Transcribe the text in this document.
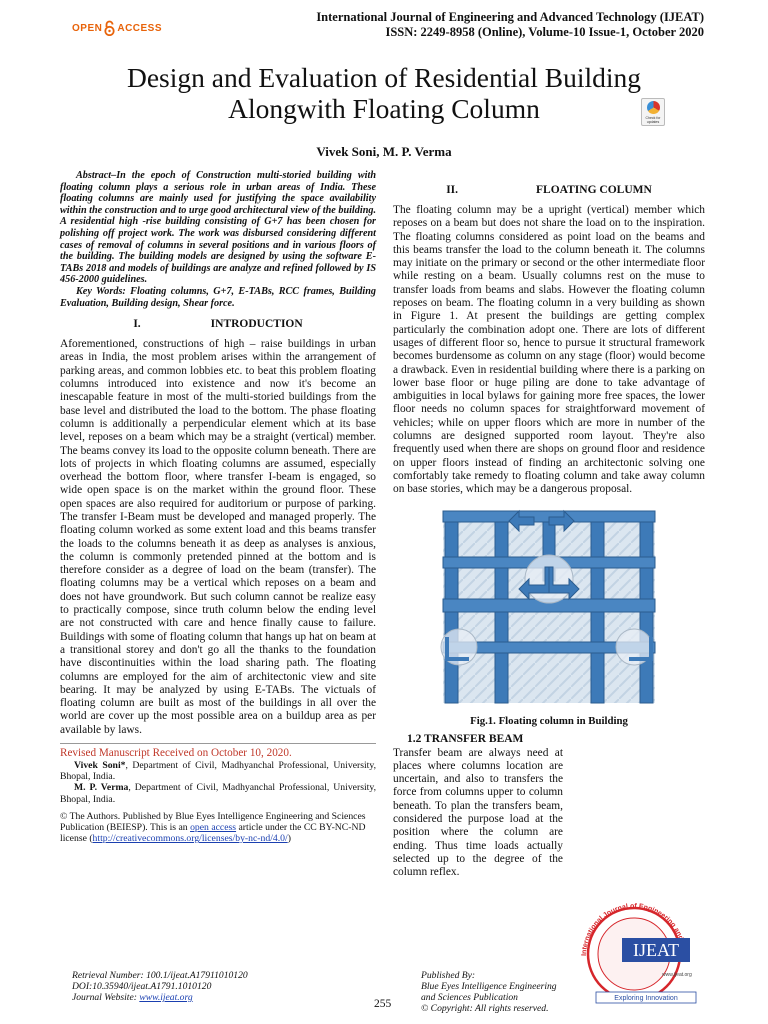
OPEN ACCESS
International Journal of Engineering and Advanced Technology (IJEAT)
ISSN: 2249-8958 (Online), Volume-10 Issue-1, October 2020
Design and Evaluation of Residential Building
Alongwith Floating Column	Check for updates
Vivek Soni, M. P. Verma

Abstract–In the epoch of Construction multi-storied building with floating column plays a serious role in urban areas of India. These floating columns are mainly used for justifying the space availability within the construction and to urge good architectural view of the building. A residential high -rise building consisting of G+7 has been chosen for polishing off project work. The work was disbursed considering different cases of removal of columns in several positions and in various floors of the building. The building models are designed by using the software E-TABs 2018 and models of buildings are analyze and refined followed by IS 456-2000 guidelines.

Key Words: Floating columns, G+7, E-TABs, RCC frames, Building Evaluation, Building design, Shear force.

I.	INTRODUCTION

Aforementioned, constructions of high – raise buildings in urban areas in India, the most problem arises within the arrangement of parking areas, and common lobbies etc. to beat this problem floating columns introduced into existence and now it's become an inescapable feature in most of the multi-storied buildings from the base level and distributed the load to the bottom. The phase floating column is additionally a perpendicular element which at its base level, reposes on a beam which may be a straight (vertical) member. The beams convey its load to the opposite column beneath. There are lots of projects in which floating columns are assumed, especially overhead the bottom floor, where transfer I-beam is engaged, so wide open space is on the market within the ground floor. These open spaces are also required for auditorium or purpose of parking. The transfer I-Beam must be developed and managed properly. The floating column worked as some extent load and this beams transfer the loads to the columns beneath it as deep as analyses is anxious, the column is commonly pretended pinned at the bottom and is therefore consider as a degree of load on the beam (transfer). The floating columns may be a vertical which reposes on a beam and does not have groundwork. But such column cannot be realize easy to practically compose, since truth column below the ending level are not constructed with care and hence finally cause to failure. Buildings with some of floating column that hangs up hat on beam at a transitional storey and don't go all the thanks to the foundation have discontinuities within the load sharing path. The floating columns are employed for the aim of architectonic view and site bearing. It may be analyzed by using E-TABs. The victuals of floating column are built as most of the buildings in all over the world are cover up the most possible area on a buildup area as per available by laws.

Revised Manuscript Received on October 10, 2020.

Vivek Soni*, Department of Civil, Madhyanchal Professional, University, Bhopal, India.

M. P. Verma, Department of Civil, Madhyanchal Professional, University, Bhopal, India.

© The Authors. Published by Blue Eyes Intelligence Engineering and Sciences Publication (BEIESP). This is an open access article under the CC BY-NC-ND license (http://creativecommons.org/licenses/by-nc-nd/4.0/)

II.	FLOATING COLUMN

The floating column may be a upright (vertical) member which reposes on a beam but does not share the load on to the inspiration. The floating columns considered as point load on the beams and this beams transfer the load to the column beneath it. The columns may initiate on the primary or second or the other intermediate floor while resting on a beam. Usually columns rest on the muse to transfer loads from beams and slabs. However the floating column reposes on beam. The floating column in a very building as shown in Figure 1. At present the buildings are getting complex particularly the combination adopt one. There are lots of different usages of different floor so, hence to pursue it structural framework becomes burdensome as column on any stage (floor) would become a drawback. Even in residential building where there is a parking on lower base floor or huge piling are done to take advantage of ambiguities in local bylaws for gaining more free spaces, the lower floor needs no column spaces for straightforward movement of vehicles; while on upper floors which are more in number of the columns are designed supported room layout. They're also frequently used when there are shops on ground floor and residence on upper floors instead of finding an architectonic solving one comfortably take remedy to floating column and take away column on base stories, which may be a dangerous proposal.

Fig.1. Floating column in Building
1.2 TRANSFER BEAM

Transfer beam are always need at places where columns location are uncertain, and also to transfers the force from columns upper to column beneath. To plan the transfers beam, considered the purpose load at the position where the column are ending. Thus time loads actually selected up to the degree of the column reflex.

International Journal of Engineering an
IJEAT
www.ijeat.org
Exploring Innovation
Retrieval Number: 100.1/ijeat.A17911010120
DOI:10.35940/ijeat.A1791.1010120
Journal Website: www.ijeat.org
255
Published By:
Blue Eyes Intelligence Engineering
and Sciences Publication
© Copyright: All rights reserved.
